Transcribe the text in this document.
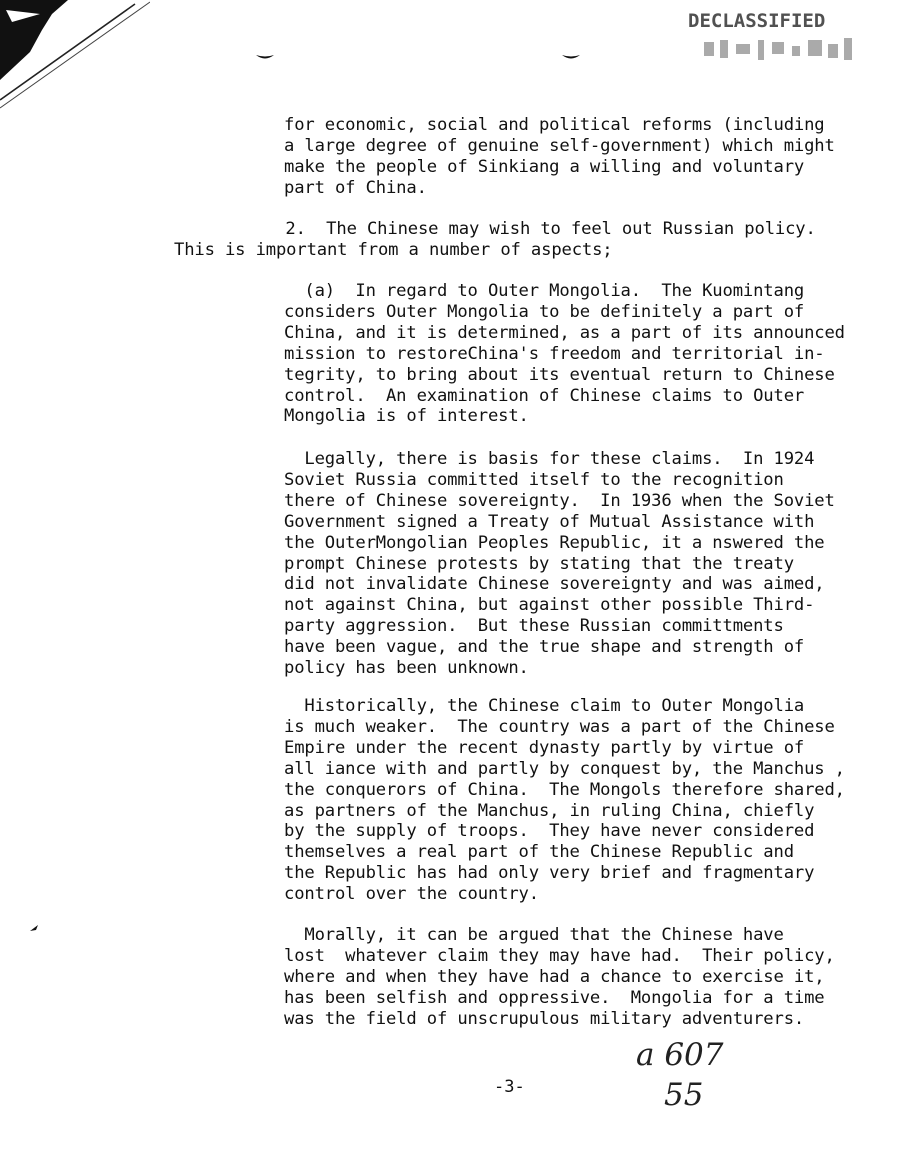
DECLASSIFIED
for economic, social and political reforms (including
a large degree of genuine self-government) which might
make the people of Sinkiang a willing and voluntary
part of China.
2.  The Chinese may wish to feel out Russian policy.
This is important from a number of aspects;
(a)  In regard to Outer Mongolia.  The Kuomintang
considers Outer Mongolia to be definitely a part of
China, and it is determined, as a part of its announced
mission to restoreChina's freedom and territorial in-
tegrity, to bring about its eventual return to Chinese
control.  An examination of Chinese claims to Outer
Mongolia is of interest.
Legally, there is basis for these claims.  In 1924
Soviet Russia committed itself to the recognition
there of Chinese sovereignty.  In 1936 when the Soviet
Government signed a Treaty of Mutual Assistance with
the OuterMongolian Peoples Republic, it a nswered the
prompt Chinese protests by stating that the treaty
did not invalidate Chinese sovereignty and was aimed,
not against China, but against other possible Third-
party aggression.  But these Russian committments
have been vague, and the true shape and strength of
policy has been unknown.
Historically, the Chinese claim to Outer Mongolia
is much weaker.  The country was a part of the Chinese
Empire under the recent dynasty partly by virtue of
all iance with and partly by conquest by, the Manchus ,
the conquerors of China.  The Mongols therefore shared,
as partners of the Manchus, in ruling China, chiefly
by the supply of troops.  They have never considered
themselves a real part of the Chinese Republic and
the Republic has had only very brief and fragmentary
control over the country.
Morally, it can be argued that the Chinese have
lost  whatever claim they may have had.  Their policy,
where and when they have had a chance to exercise it,
has been selfish and oppressive.  Mongolia for a time
was the field of unscrupulous military adventurers.
-3-
a 607
55
